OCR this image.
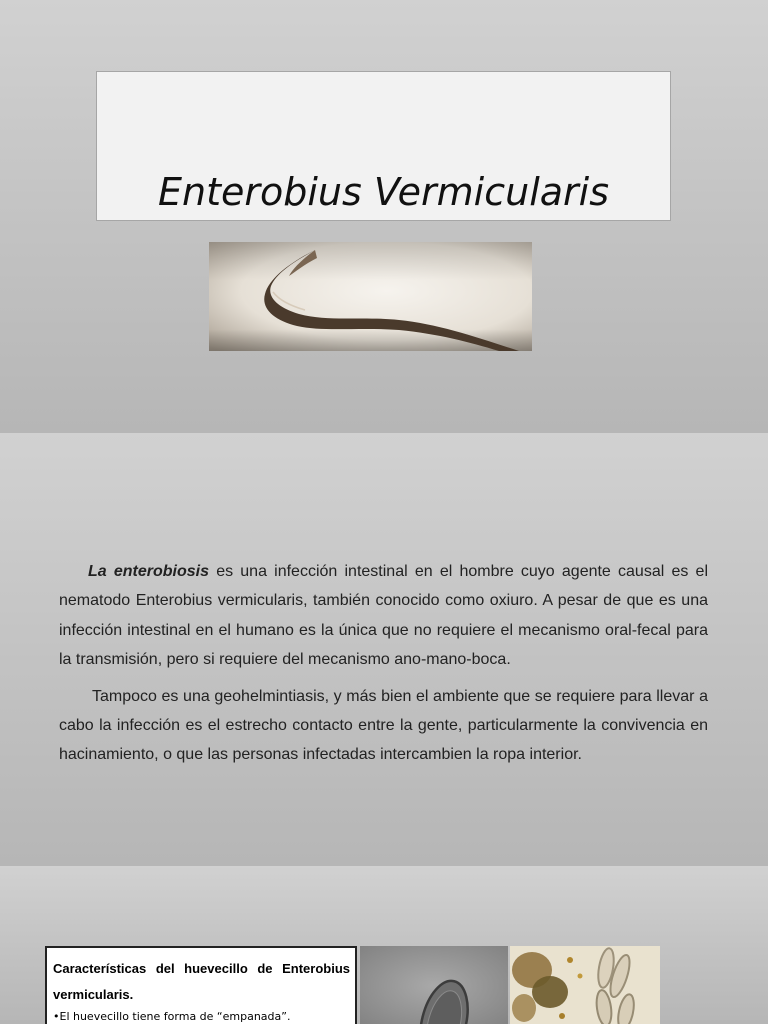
Enterobius Vermicularis

La enterobiosis es una infección intestinal en el hombre cuyo agente causal es el nematodo Enterobius vermicularis, también conocido como oxiuro. A pesar de que es una infección intestinal en el humano es la única que no requiere el mecanismo oral-fecal para la transmisión, pero si requiere del mecanismo ano-mano-boca.

Tampoco es una geohelmintiasis, y más bien el ambiente que se requiere para llevar a cabo la infección es el estrecho contacto entre la gente, particularmente la convivencia en hacinamiento, o que las personas infectadas intercambien la ropa interior.

Características del huevecillo de Enterobius vermicularis.
•El huevecillo tiene forma de “empanada”.
